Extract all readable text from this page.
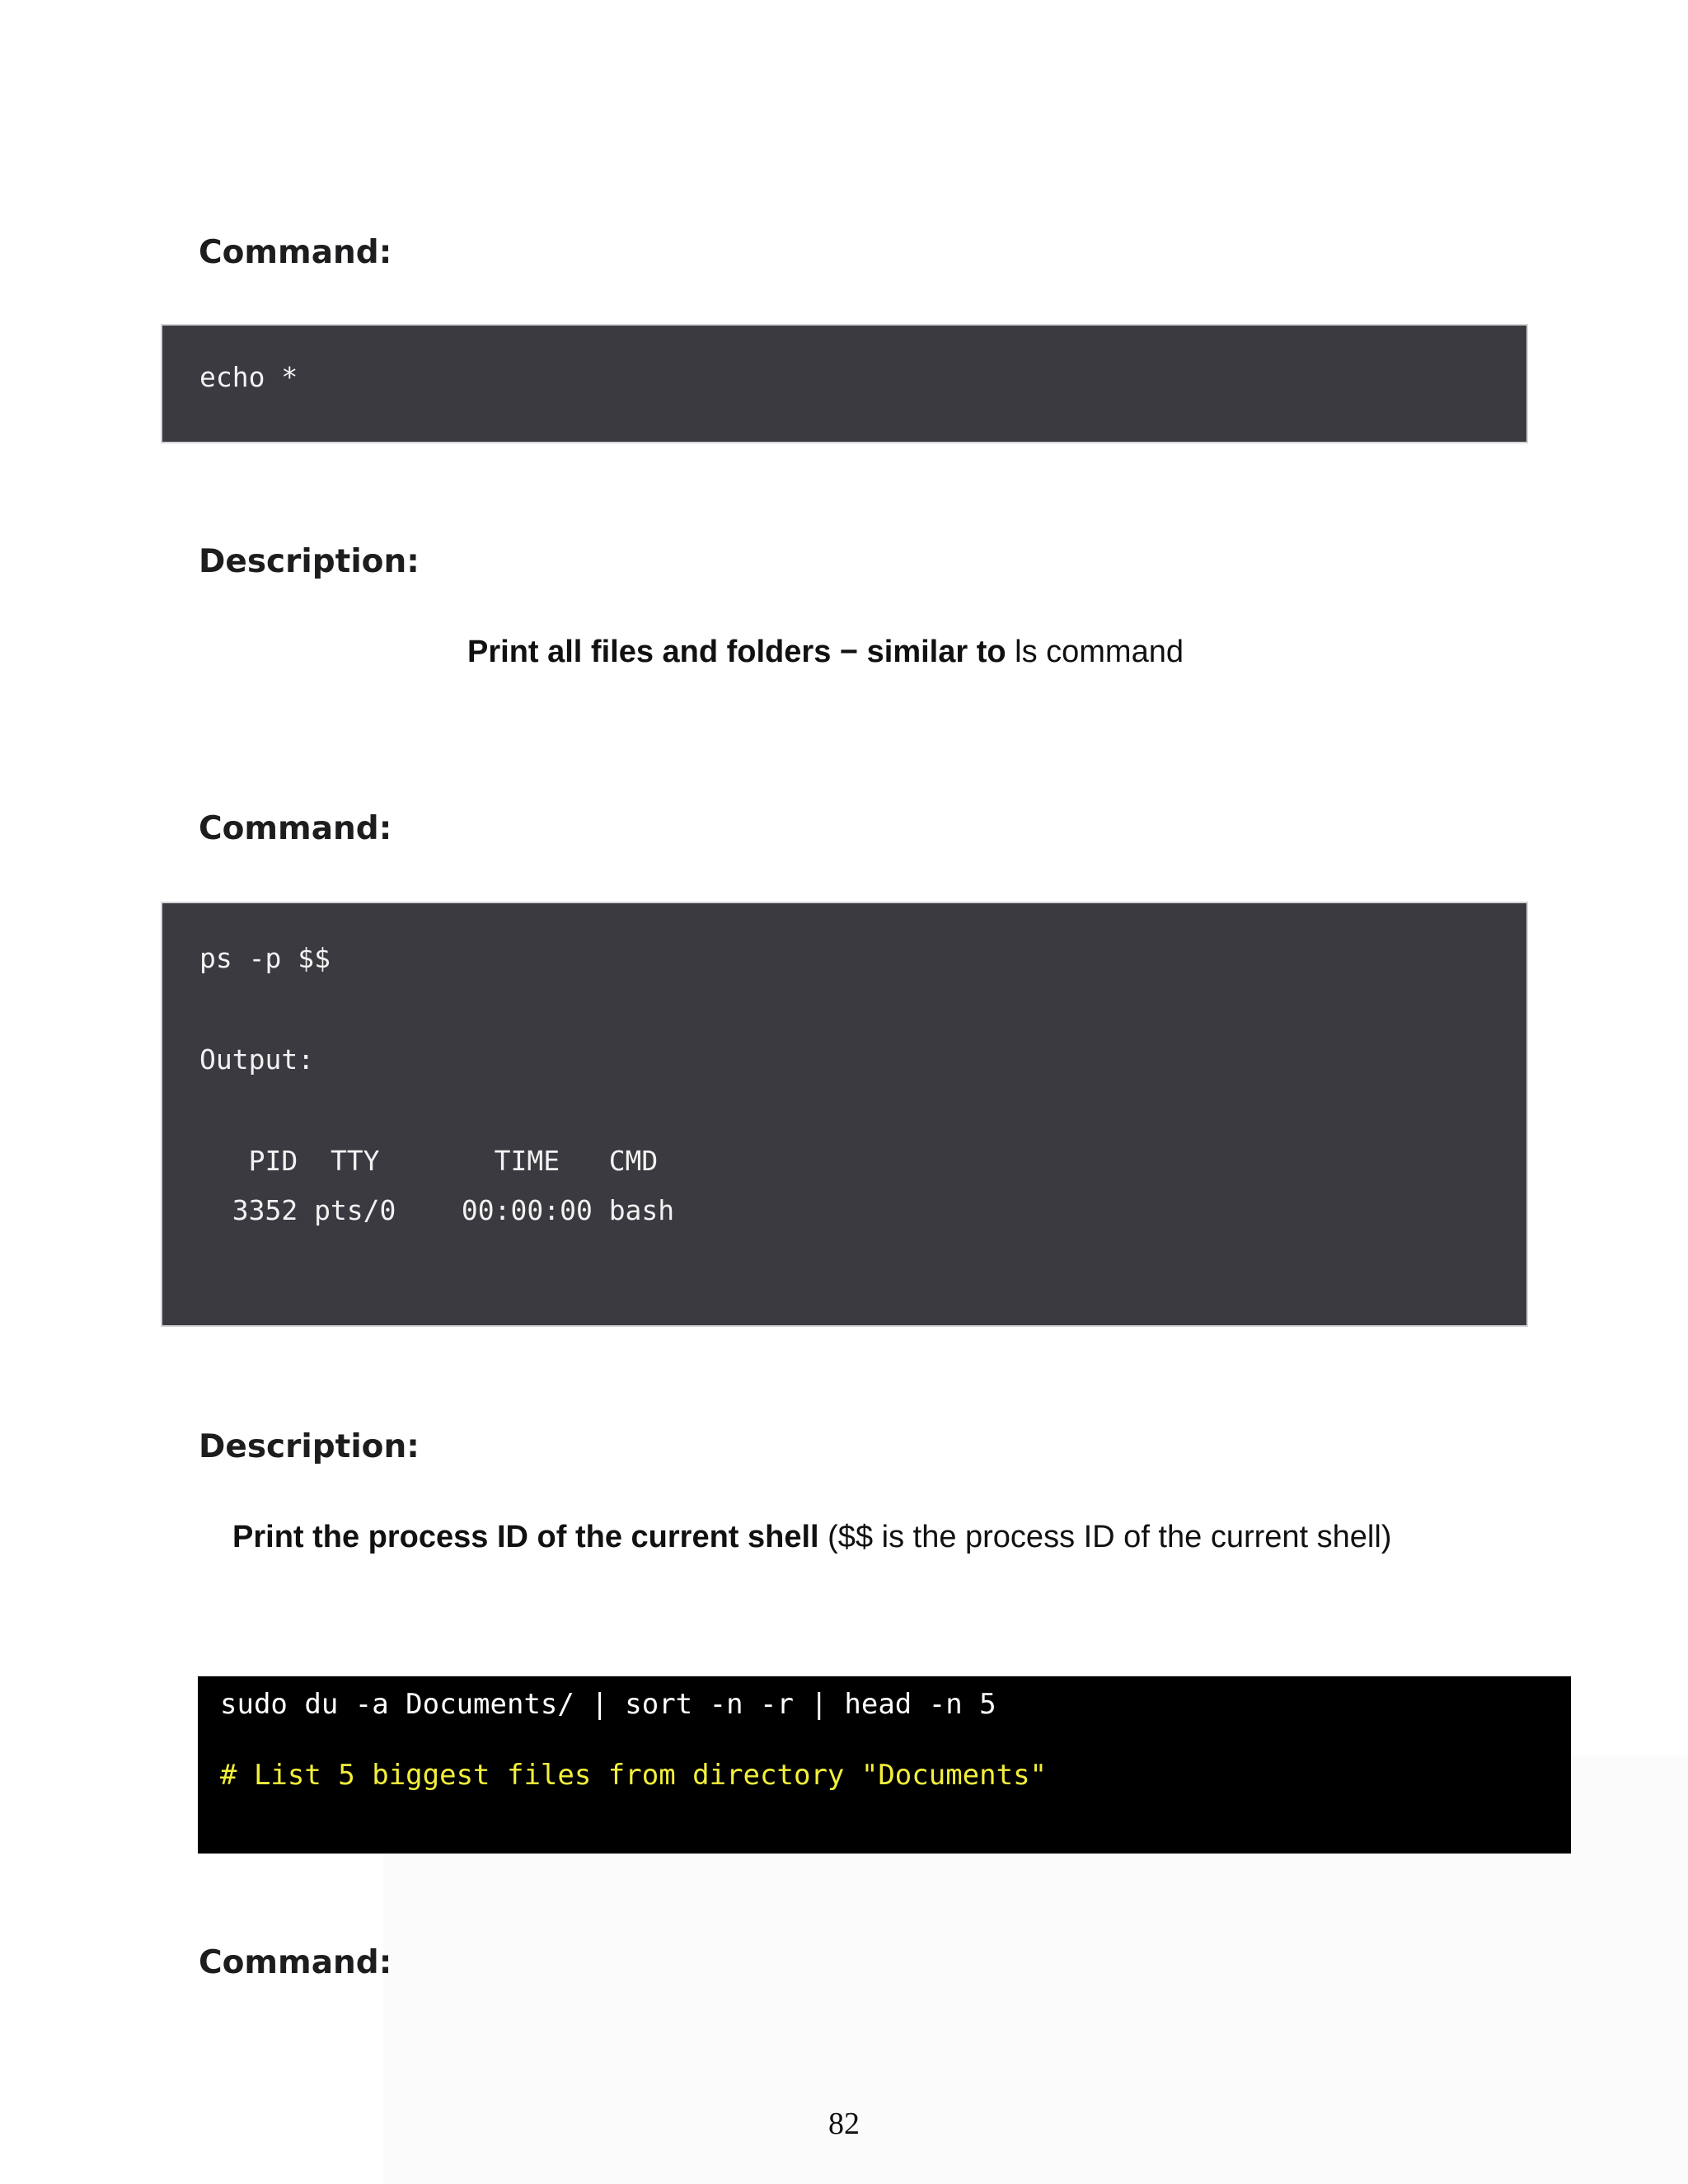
Command:
echo *
Description:

Print all files and folders − similar to ls command

Command:
ps -p $$
Output:
PID  TTY       TIME   CMD
3352 pts/0    00:00:00 bash
Description:

Print the process ID of the current shell ($$ is the process ID of the current shell)

sudo du -a Documents/ | sort -n -r | head -n 5
# List 5 biggest files from directory "Documents"
Command:
82
